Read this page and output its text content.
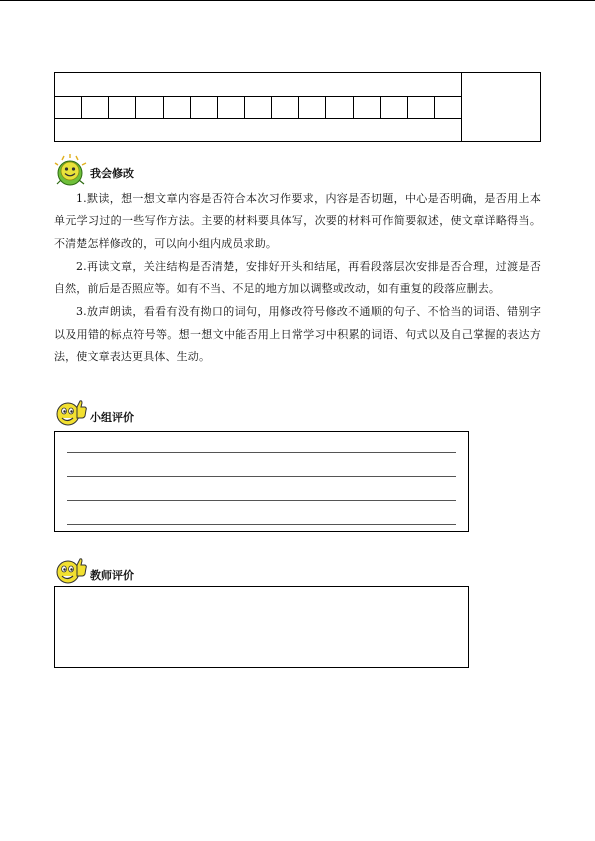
我会修改

1.默读，想一想文章内容是否符合本次习作要求，内容是否切题，中心是否明确，是否用上本单元学习过的一些写作方法。主要的材料要具体写，次要的材料可作简要叙述，使文章详略得当。不清楚怎样修改的，可以向小组内成员求助。

2.再读文章，关注结构是否清楚，安排好开头和结尾，再看段落层次安排是否合理，过渡是否自然，前后是否照应等。如有不当、不足的地方加以调整或改动，如有重复的段落应删去。

3.放声朗读，看看有没有拗口的词句，用修改符号修改不通顺的句子、不恰当的词语、错别字以及用错的标点符号等。想一想文中能否用上日常学习中积累的词语、句式以及自己掌握的表达方法，使文章表达更具体、生动。

小组评价
教师评价
